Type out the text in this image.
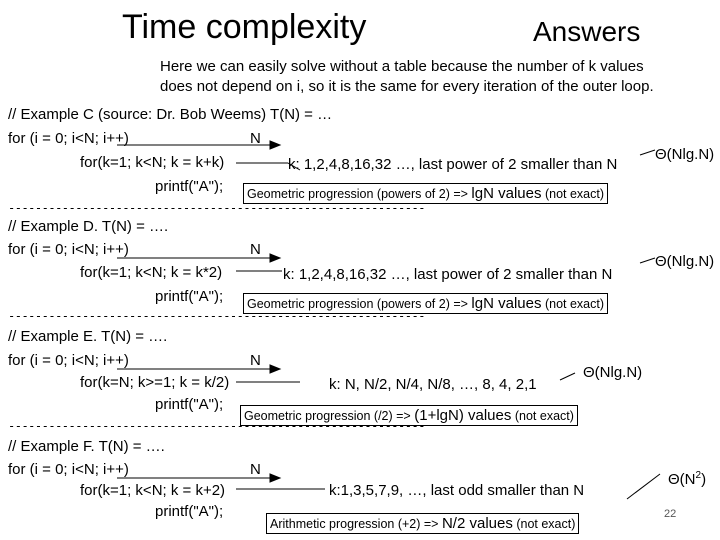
Time complexity	Answers
Here we can easily solve without a table because the number of k values
does not depend on i, so it is the same for every iteration of the outer loop.
// Example C (source: Dr. Bob Weems) T(N) = …
for (i = 0; i<N; i++)	N
for(k=1; k<N; k = k+k)	k: 1,2,4,8,16,32 …, last power of 2 smaller than N
Θ(Nlg.N)
printf("A");	Geometric progression (powers of 2) => lgN values (not exact)
--------------------------------------------------------------
// Example D. T(N) = ….
for (i = 0; i<N; i++)	N
for(k=1; k<N; k = k*2)	k: 1,2,4,8,16,32 …, last power of 2 smaller than N
Θ(Nlg.N)
printf("A");	Geometric progression (powers of 2) => lgN values (not exact)
--------------------------------------------------------------
// Example E. T(N) = ….
for (i = 0; i<N; i++)	N
for(k=N; k>=1; k = k/2)	k: N, N/2, N/4, N/8, …, 8, 4, 2,1
Θ(Nlg.N)
printf("A");
Geometric progression (/2) => (1+lgN) values (not exact)
--------------------------------------------------------------
// Example F. T(N) = ….
for (i = 0; i<N; i++)	N
for(k=1; k<N; k = k+2)	k:1,3,5,7,9, …, last odd smaller than N
$\Theta(N^2)$
printf("A");
Arithmetic progression (+2) => N/2 values (not exact)
22
